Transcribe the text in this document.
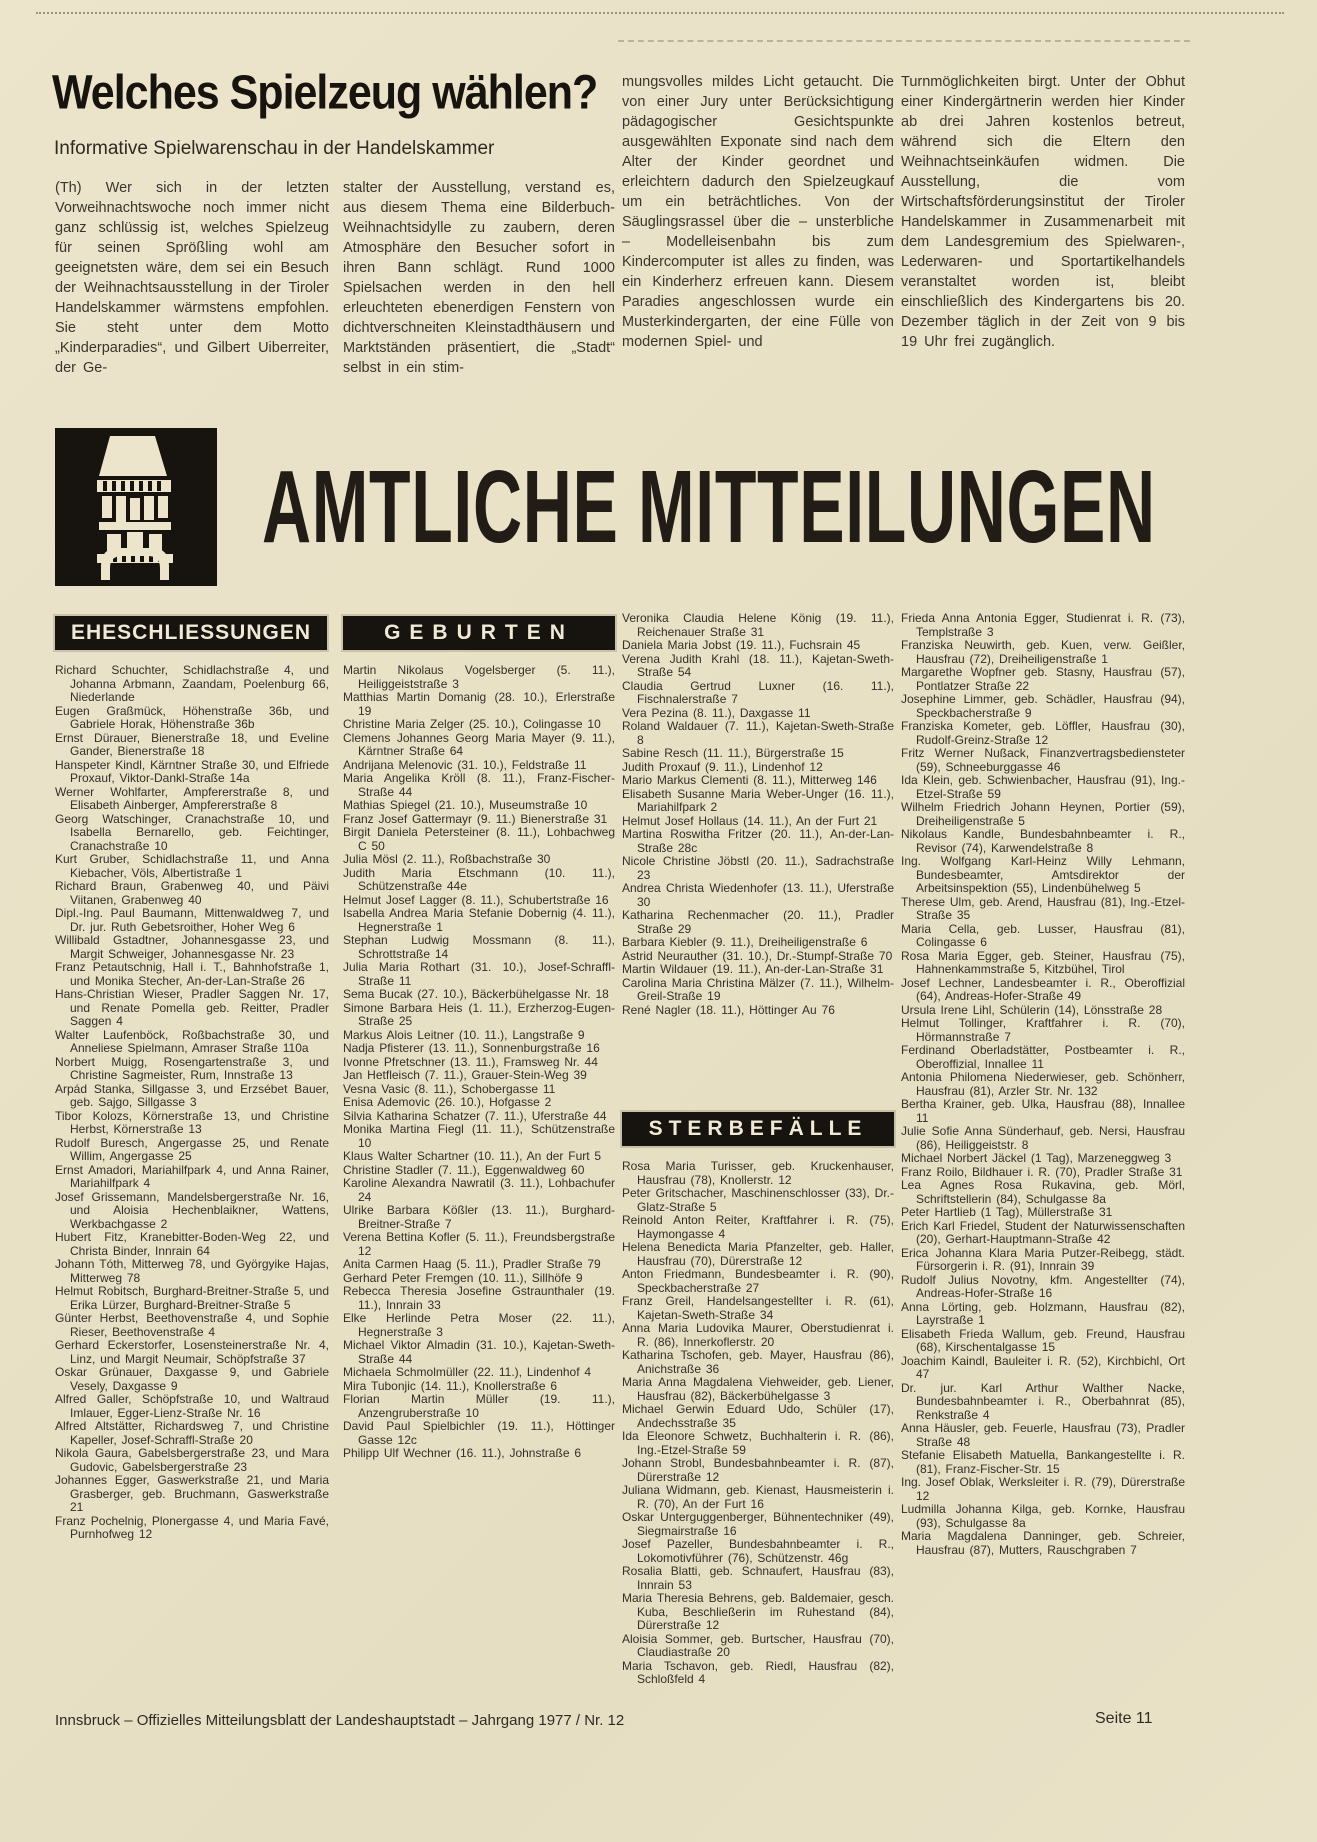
Welches Spielzeug wählen?
Informative Spielwarenschau in der Handelskammer
(Th) Wer sich in der letzten Vorweihnachtswoche noch immer nicht ganz schlüssig ist, welches Spielzeug für seinen Sprößling wohl am geeignetsten wäre, dem sei ein Besuch der Weihnachtsausstellung in der Tiroler Handelskammer wärmstens empfohlen. Sie steht unter dem Motto „Kinderparadies“, und Gilbert Uiberreiter, der Ge-
stalter der Ausstellung, verstand es, aus diesem Thema eine Bilderbuch-Weihnachtsidylle zu zaubern, deren Atmosphäre den Besucher sofort in ihren Bann schlägt. Rund 1000 Spielsachen werden in den hell erleuchteten ebenerdigen Fenstern von dichtverschneiten Kleinstadthäusern und Marktständen präsentiert, die „Stadt“ selbst in ein stim-
mungsvolles mildes Licht getaucht. Die von einer Jury unter Berücksichtigung pädagogischer Gesichtspunkte ausgewählten Exponate sind nach dem Alter der Kinder geordnet und erleichtern dadurch den Spielzeugkauf um ein beträchtliches. Von der Säuglingsrassel über die – unsterbliche – Modelleisenbahn bis zum Kindercomputer ist alles zu finden, was ein Kinderherz erfreuen kann. Diesem Paradies angeschlossen wurde ein Musterkindergarten, der eine Fülle von modernen Spiel- und
Turnmöglichkeiten birgt. Unter der Obhut einer Kindergärtnerin werden hier Kinder ab drei Jahren kostenlos betreut, während sich die Eltern den Weihnachtseinkäufen widmen. Die Ausstellung, die vom Wirtschaftsförderungsinstitut der Tiroler Handelskammer in Zusammenarbeit mit dem Landesgremium des Spielwaren-, Lederwaren- und Sportartikelhandels veranstaltet worden ist, bleibt einschließlich des Kindergartens bis 20. Dezember täglich in der Zeit von 9 bis 19 Uhr frei zugänglich.
AMTLICHE MITTEILUNGEN
EHESCHLIESSUNGEN	GEBURTEN
STERBEFÄLLE
Richard Schuchter, Schidlachstraße 4, und Johanna Arbmann, Zaandam, Poelenburg 66, Niederlande
Eugen Graßmück, Höhenstraße 36b, und Gabriele Horak, Höhenstraße 36b
Ernst Dürauer, Bienerstraße 18, und Eveline Gander, Bienerstraße 18
Hanspeter Kindl, Kärntner Straße 30, und Elfriede Proxauf, Viktor-Dankl-Straße 14a
Werner Wohlfarter, Ampfererstraße 8, und Elisabeth Ainberger, Ampfererstraße 8
Georg Watschinger, Cranachstraße 10, und Isabella Bernarello, geb. Feichtinger, Cranachstraße 10
Kurt Gruber, Schidlachstraße 11, und Anna Kiebacher, Völs, Albertistraße 1
Richard Braun, Grabenweg 40, und Päivi Viitanen, Grabenweg 40
Dipl.-Ing. Paul Baumann, Mittenwaldweg 7, und Dr. jur. Ruth Gebetsroither, Hoher Weg 6
Willibald Gstadtner, Johannesgasse 23, und Margit Schweiger, Johannesgasse Nr. 23
Franz Petautschnig, Hall i. T., Bahnhofstraße 1, und Monika Stecher, An-der-Lan-Straße 26
Hans-Christian Wieser, Pradler Saggen Nr. 17, und Renate Pomella geb. Reitter, Pradler Saggen 4
Walter Laufenböck, Roßbachstraße 30, und Anneliese Spielmann, Amraser Straße 110a
Norbert Muigg, Rosengartenstraße 3, und Christine Sagmeister, Rum, Innstraße 13
Arpád Stanka, Sillgasse 3, und Erzsébet Bauer, geb. Sajgo, Sillgasse 3
Tibor Kolozs, Körnerstraße 13, und Christine Herbst, Körnerstraße 13
Rudolf Buresch, Angergasse 25, und Renate Willim, Angergasse 25
Ernst Amadori, Mariahilfpark 4, und Anna Rainer, Mariahilfpark 4
Josef Grissemann, Mandelsbergerstraße Nr. 16, und Aloisia Hechenblaikner, Wattens, Werkbachgasse 2
Hubert Fitz, Kranebitter-Boden-Weg 22, und Christa Binder, Innrain 64
Johann Tóth, Mitterweg 78, und Györgyike Hajas, Mitterweg 78
Helmut Robitsch, Burghard-Breitner-Straße 5, und Erika Lürzer, Burghard-Breitner-Straße 5
Günter Herbst, Beethovenstraße 4, und Sophie Rieser, Beethovenstraße 4
Gerhard Eckerstorfer, Losensteinerstraße Nr. 4, Linz, und Margit Neumair, Schöpfstraße 37
Oskar Grünauer, Daxgasse 9, und Gabriele Vesely, Daxgasse 9
Alfred Galler, Schöpfstraße 10, und Waltraud Imlauer, Egger-Lienz-Straße Nr. 16
Alfred Altstätter, Richardsweg 7, und Christine Kapeller, Josef-Schraffl-Straße 20
Nikola Gaura, Gabelsbergerstraße 23, und Mara Gudovic, Gabelsbergerstraße 23
Johannes Egger, Gaswerkstraße 21, und Maria Grasberger, geb. Bruchmann, Gaswerkstraße 21
Franz Pochelnig, Plonergasse 4, und Maria Favé, Purnhofweg 12
Martin Nikolaus Vogelsberger (5. 11.), Heiliggeiststraße 3
Matthias Martin Domanig (28. 10.), Erlerstraße 19
Christine Maria Zelger (25. 10.), Colingasse 10
Clemens Johannes Georg Maria Mayer (9. 11.), Kärntner Straße 64
Andrijana Melenovic (31. 10.), Feldstraße 11
Maria Angelika Kröll (8. 11.), Franz-Fischer-Straße 44
Mathias Spiegel (21. 10.), Museumstraße 10
Franz Josef Gattermayr (9. 11.) Bienerstraße 31
Birgit Daniela Petersteiner (8. 11.), Lohbachweg C 50
Julia Mösl (2. 11.), Roßbachstraße 30
Judith Maria Etschmann (10. 11.), Schützenstraße 44e
Helmut Josef Lagger (8. 11.), Schubertstraße 16
Isabella Andrea Maria Stefanie Dobernig (4. 11.), Hegnerstraße 1
Stephan Ludwig Mossmann (8. 11.), Schrottstraße 14
Julia Maria Rothart (31. 10.), Josef-Schraffl-Straße 11
Sema Bucak (27. 10.), Bäckerbühelgasse Nr. 18
Simone Barbara Heis (1. 11.), Erzherzog-Eugen-Straße 25
Markus Alois Leitner (10. 11.), Langstraße 9
Nadja Pfisterer (13. 11.), Sonnenburgstraße 16
Ivonne Pfretschner (13. 11.), Framsweg Nr. 44
Jan Hetfleisch (7. 11.), Grauer-Stein-Weg 39
Vesna Vasic (8. 11.), Schobergasse 11
Enisa Ademovic (26. 10.), Hofgasse 2
Silvia Katharina Schatzer (7. 11.), Uferstraße 44
Monika Martina Fiegl (11. 11.), Schützenstraße 10
Klaus Walter Schartner (10. 11.), An der Furt 5
Christine Stadler (7. 11.), Eggenwaldweg 60
Karoline Alexandra Nawratil (3. 11.), Lohbachufer 24
Ulrike Barbara Kößler (13. 11.), Burghard-Breitner-Straße 7
Verena Bettina Kofler (5. 11.), Freundsbergstraße 12
Anita Carmen Haag (5. 11.), Pradler Straße 79
Gerhard Peter Fremgen (10. 11.), Sillhöfe 9
Rebecca Theresia Josefine Gstraunthaler (19. 11.), Innrain 33
Elke Herlinde Petra Moser (22. 11.), Hegnerstraße 3
Michael Viktor Almadin (31. 10.), Kajetan-Sweth-Straße 44
Michaela Schmolmüller (22. 11.), Lindenhof 4
Mira Tubonjic (14. 11.), Knollerstraße 6
Florian Martin Müller (19. 11.), Anzengruberstraße 10
David Paul Spielbichler (19. 11.), Höttinger Gasse 12c
Philipp Ulf Wechner (16. 11.), Johnstraße 6
Veronika Claudia Helene König (19. 11.), Reichenauer Straße 31
Daniela Maria Jobst (19. 11.), Fuchsrain 45
Verena Judith Krahl (18. 11.), Kajetan-Sweth-Straße 54
Claudia Gertrud Luxner (16. 11.), Fischnalerstraße 7
Vera Pezina (8. 11.), Daxgasse 11
Roland Waldauer (7. 11.), Kajetan-Sweth-Straße 8
Sabine Resch (11. 11.), Bürgerstraße 15
Judith Proxauf (9. 11.), Lindenhof 12
Mario Markus Clementi (8. 11.), Mitterweg 146
Elisabeth Susanne Maria Weber-Unger (16. 11.), Mariahilfpark 2
Helmut Josef Hollaus (14. 11.), An der Furt 21
Martina Roswitha Fritzer (20. 11.), An-der-Lan-Straße 28c
Nicole Christine Jöbstl (20. 11.), Sadrachstraße 23
Andrea Christa Wiedenhofer (13. 11.), Uferstraße 30
Katharina Rechenmacher (20. 11.), Pradler Straße 29
Barbara Kiebler (9. 11.), Dreiheiligenstraße 6
Astrid Neurauther (31. 10.), Dr.-Stumpf-Straße 70
Martin Wildauer (19. 11.), An-der-Lan-Straße 31
Carolina Maria Christina Mälzer (7. 11.), Wilhelm-Greil-Straße 19
René Nagler (18. 11.), Höttinger Au 76
Rosa Maria Turisser, geb. Kruckenhauser, Hausfrau (78), Knollerstr. 12
Peter Gritschacher, Maschinenschlosser (33), Dr.-Glatz-Straße 5
Reinold Anton Reiter, Kraftfahrer i. R. (75), Haymongasse 4
Helena Benedicta Maria Pfanzelter, geb. Haller, Hausfrau (70), Dürerstraße 12
Anton Friedmann, Bundesbeamter i. R. (90), Speckbacherstraße 27
Franz Greil, Handelsangestellter i. R. (61), Kajetan-Sweth-Straße 34
Anna Maria Ludovika Maurer, Oberstudienrat i. R. (86), Innerkoflerstr. 20
Katharina Tschofen, geb. Mayer, Hausfrau (86), Anichstraße 36
Maria Anna Magdalena Viehweider, geb. Liener, Hausfrau (82), Bäckerbühelgasse 3
Michael Gerwin Eduard Udo, Schüler (17), Andechsstraße 35
Ida Eleonore Schwetz, Buchhalterin i. R. (86), Ing.-Etzel-Straße 59
Johann Strobl, Bundesbahnbeamter i. R. (87), Dürerstraße 12
Juliana Widmann, geb. Kienast, Hausmeisterin i. R. (70), An der Furt 16
Oskar Unterguggenberger, Bühnentechniker (49), Siegmairstraße 16
Josef Pazeller, Bundesbahnbeamter i. R., Lokomotivführer (76), Schützenstr. 46g
Rosalia Blatti, geb. Schnaufert, Hausfrau (83), Innrain 53
Maria Theresia Behrens, geb. Baldemaier, gesch. Kuba, Beschließerin im Ruhestand (84), Dürerstraße 12
Aloisia Sommer, geb. Burtscher, Hausfrau (70), Claudiastraße 20
Maria Tschavon, geb. Riedl, Hausfrau (82), Schloßfeld 4
Frieda Anna Antonia Egger, Studienrat i. R. (73), Templstraße 3
Franziska Neuwirth, geb. Kuen, verw. Geißler, Hausfrau (72), Dreiheiligenstraße 1
Margarethe Wopfner geb. Stasny, Hausfrau (57), Pontlatzer Straße 22
Josephine Limmer, geb. Schädler, Hausfrau (94), Speckbacherstraße 9
Franziska Kometer, geb. Löffler, Hausfrau (30), Rudolf-Greinz-Straße 12
Fritz Werner Nußack, Finanzvertragsbediensteter (59), Schneeburggasse 46
Ida Klein, geb. Schwienbacher, Hausfrau (91), Ing.-Etzel-Straße 59
Wilhelm Friedrich Johann Heynen, Portier (59), Dreiheiligenstraße 5
Nikolaus Kandle, Bundesbahnbeamter i. R., Revisor (74), Karwendelstraße 8
Ing. Wolfgang Karl-Heinz Willy Lehmann, Bundesbeamter, Amtsdirektor der Arbeitsinspektion (55), Lindenbühelweg 5
Therese Ulm, geb. Arend, Hausfrau (81), Ing.-Etzel-Straße 35
Maria Cella, geb. Lusser, Hausfrau (81), Colingasse 6
Rosa Maria Egger, geb. Steiner, Hausfrau (75), Hahnenkammstraße 5, Kitzbühel, Tirol
Josef Lechner, Landesbeamter i. R., Oberoffizial (64), Andreas-Hofer-Straße 49
Ursula Irene Lihl, Schülerin (14), Lönsstraße 28
Helmut Tollinger, Kraftfahrer i. R. (70), Hörmannstraße 7
Ferdinand Oberladstätter, Postbeamter i. R., Oberoffizial, Innallee 11
Antonia Philomena Niederwieser, geb. Schönherr, Hausfrau (81), Arzler Str. Nr. 132
Bertha Krainer, geb. Ulka, Hausfrau (88), Innallee 11
Julie Sofie Anna Sünderhauf, geb. Nersi, Hausfrau (86), Heiliggeiststr. 8
Michael Norbert Jäckel (1 Tag), Marzeneggweg 3
Franz Roilo, Bildhauer i. R. (70), Pradler Straße 31
Lea Agnes Rosa Rukavina, geb. Mörl, Schriftstellerin (84), Schulgasse 8a
Peter Hartlieb (1 Tag), Müllerstraße 31
Erich Karl Friedel, Student der Naturwissenschaften (20), Gerhart-Hauptmann-Straße 42
Erica Johanna Klara Maria Putzer-Reibegg, städt. Fürsorgerin i. R. (91), Innrain 39
Rudolf Julius Novotny, kfm. Angestellter (74), Andreas-Hofer-Straße 16
Anna Lörting, geb. Holzmann, Hausfrau (82), Layrstraße 1
Elisabeth Frieda Wallum, geb. Freund, Hausfrau (68), Kirschentalgasse 15
Joachim Kaindl, Bauleiter i. R. (52), Kirchbichl, Ort 47
Dr. jur. Karl Arthur Walther Nacke, Bundesbahnbeamter i. R., Oberbahnrat (85), Renkstraße 4
Anna Häusler, geb. Feuerle, Hausfrau (73), Pradler Straße 48
Stefanie Elisabeth Matuella, Bankangestellte i. R. (81), Franz-Fischer-Str. 15
Ing. Josef Oblak, Werksleiter i. R. (79), Dürerstraße 12
Ludmilla Johanna Kilga, geb. Kornke, Hausfrau (93), Schulgasse 8a
Maria Magdalena Danninger, geb. Schreier, Hausfrau (87), Mutters, Rauschgraben 7
Innsbruck – Offizielles Mitteilungsblatt der Landeshauptstadt – Jahrgang 1977 / Nr. 12	Seite 11
